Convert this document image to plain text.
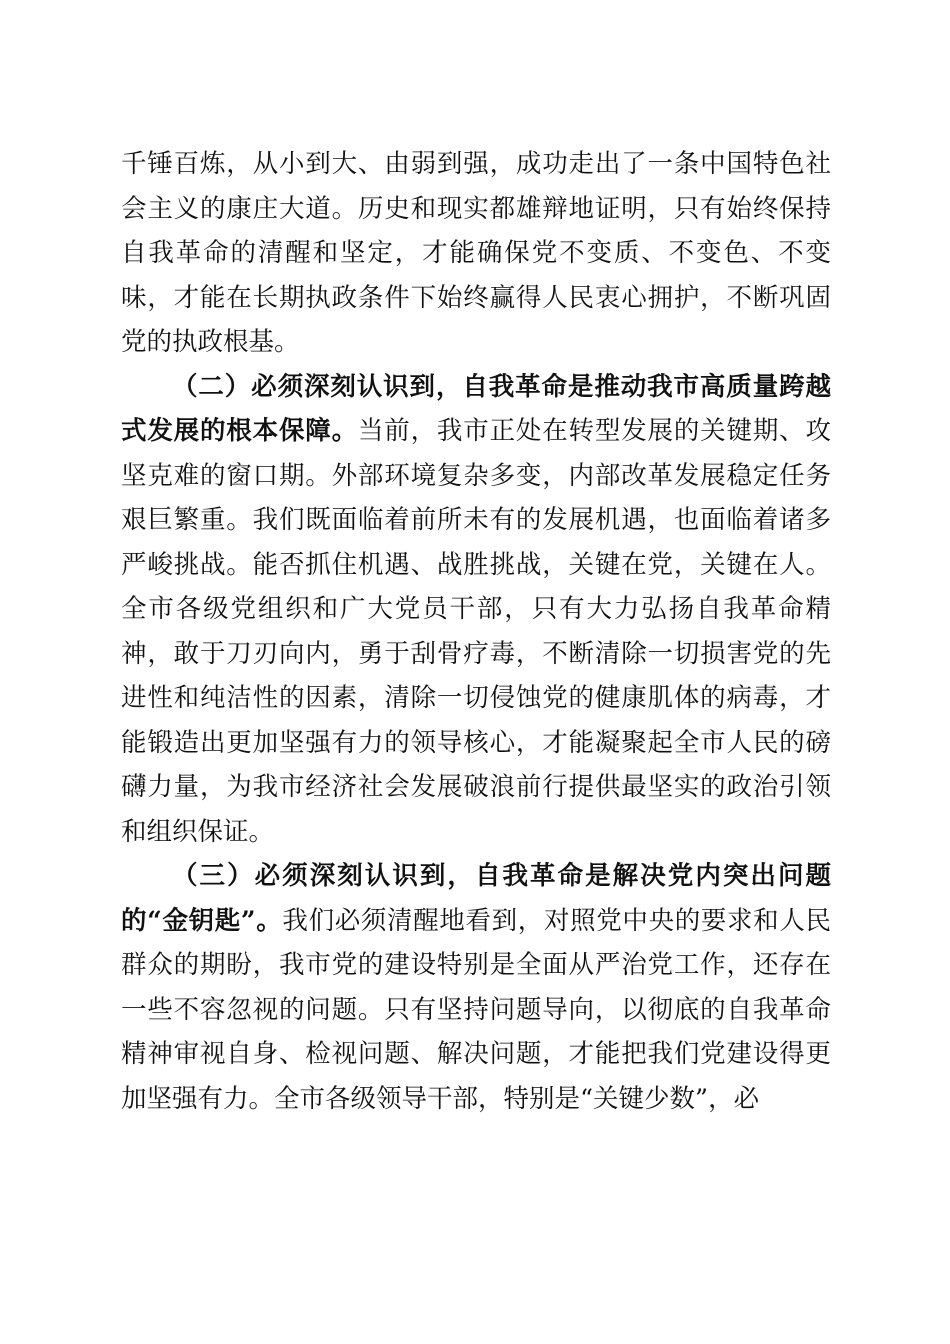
千锤百炼，从小到大、由弱到强，成功走出了一条中国特色社会主义的康庄大道。历史和现实都雄辩地证明，只有始终保持自我革命的清醒和坚定，才能确保党不变质、不变色、不变味，才能在长期执政条件下始终赢得人民衷心拥护，不断巩固党的执政根基。

（二）必须深刻认识到，自我革命是推动我市高质量跨越式发展的根本保障。当前，我市正处在转型发展的关键期、攻坚克难的窗口期。外部环境复杂多变，内部改革发展稳定任务艰巨繁重。我们既面临着前所未有的发展机遇，也面临着诸多严峻挑战。能否抓住机遇、战胜挑战，关键在党，关键在人。全市各级党组织和广大党员干部，只有大力弘扬自我革命精神，敢于刀刃向内，勇于刮骨疗毒，不断清除一切损害党的先进性和纯洁性的因素，清除一切侵蚀党的健康肌体的病毒，才能锻造出更加坚强有力的领导核心，才能凝聚起全市人民的磅礴力量，为我市经济社会发展破浪前行提供最坚实的政治引领和组织保证。

（三）必须深刻认识到，自我革命是解决党内突出问题的“金钥匙”。我们必须清醒地看到，对照党中央的要求和人民群众的期盼，我市党的建设特别是全面从严治党工作，还存在一些不容忽视的问题。只有坚持问题导向，以彻底的自我革命精神审视自身、检视问题、解决问题，才能把我们党建设得更加坚强有力。全市各级领导干部，特别是“关键少数”，必
